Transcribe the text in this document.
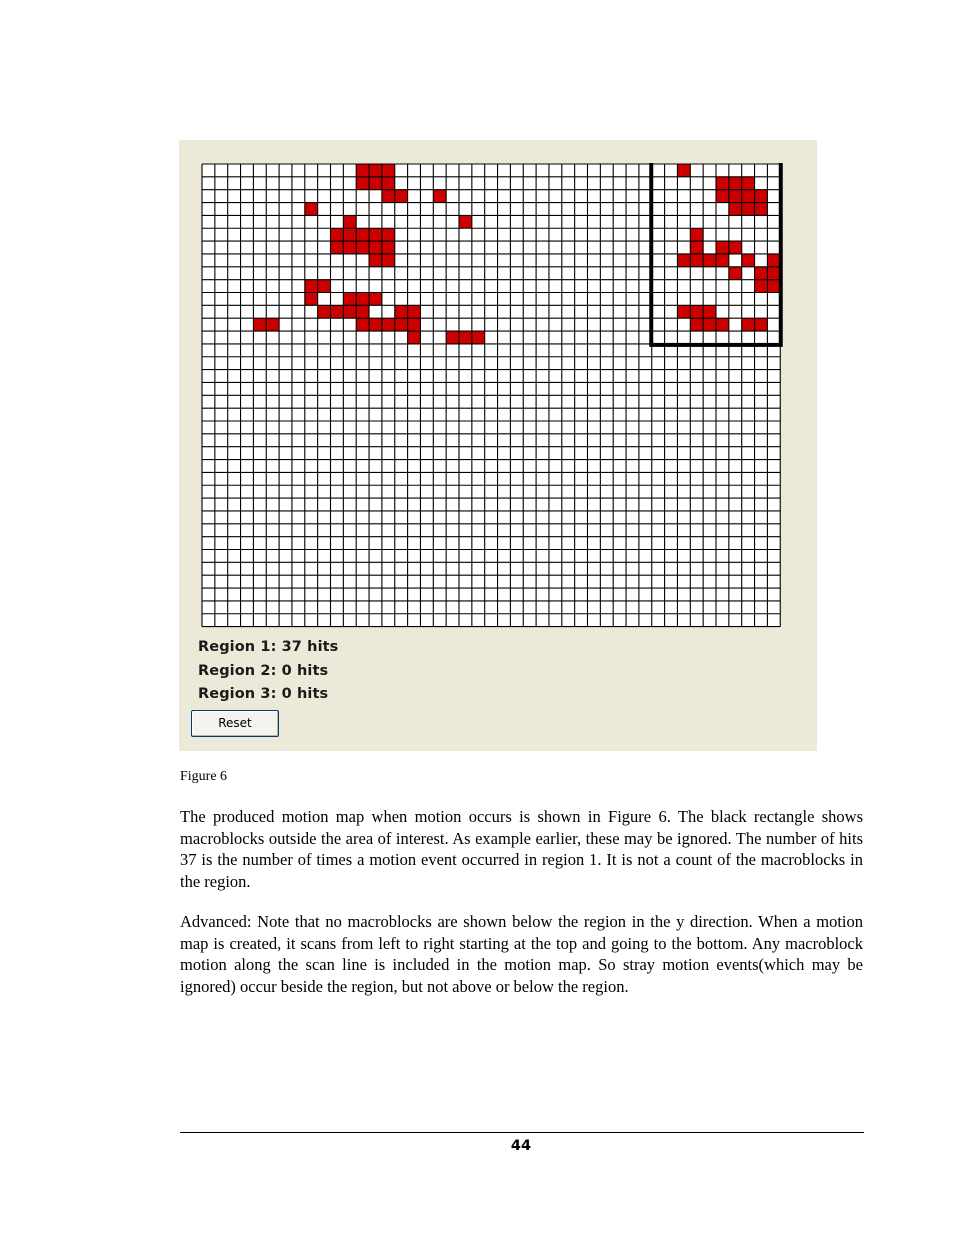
Region 1: 37 hits
Region 2: 0 hits
Region 3: 0 hits
Reset
Figure 6

The produced motion map when motion occurs is shown in Figure 6. The black rectangle shows macroblocks outside the area of interest. As example earlier, these may be ignored. The number of hits 37 is the number of times a motion event occurred in region 1. It is not a count of the macroblocks in the region.

Advanced: Note that no macroblocks are shown below the region in the y direction. When a motion map is created, it scans from left to right starting at the top and going to the bottom. Any macroblock motion along the scan line is included in the motion map. So stray motion events(which may be ignored) occur beside the region, but not above or below the region.

44
